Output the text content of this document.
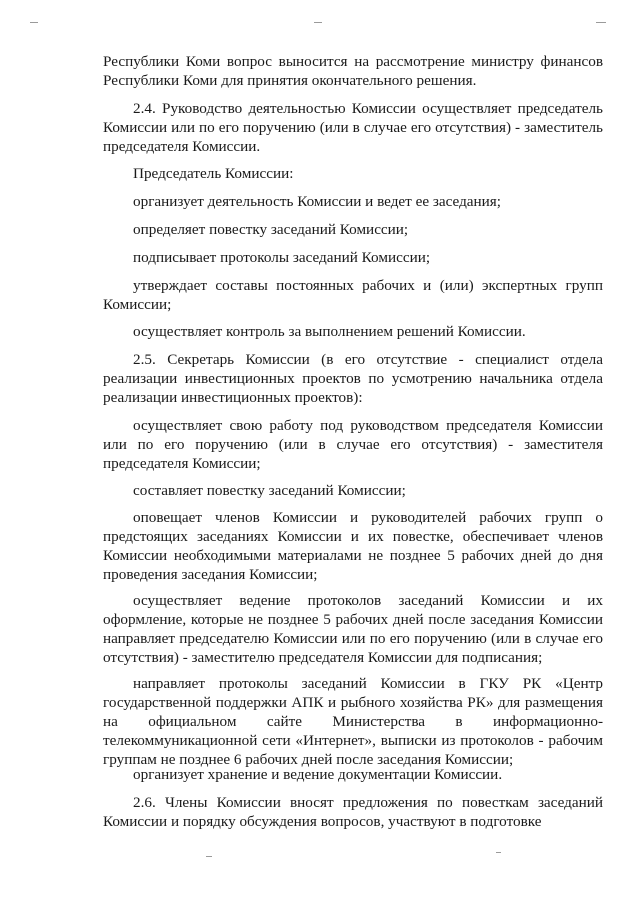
Республики Коми вопрос выносится на рассмотрение министру финансов Республики Коми для принятия окончательного решения.

2.4. Руководство деятельностью Комиссии осуществляет председатель Комиссии или по его поручению (или в случае его отсутствия) - заместитель председателя Комиссии.

Председатель Комиссии:

организует деятельность Комиссии и ведет ее заседания;

определяет повестку заседаний Комиссии;

подписывает протоколы заседаний Комиссии;

утверждает составы постоянных рабочих и (или) экспертных групп Комиссии;

осуществляет контроль за выполнением решений Комиссии.

2.5. Секретарь Комиссии (в его отсутствие - специалист отдела реализации инвестиционных проектов по усмотрению начальника отдела реализации инвестиционных проектов):

осуществляет свою работу под руководством председателя Комиссии или по его поручению (или в случае его отсутствия) - заместителя председателя Комиссии;

составляет повестку заседаний Комиссии;

оповещает членов Комиссии и руководителей рабочих групп о предстоящих заседаниях Комиссии и их повестке, обеспечивает членов Комиссии необходимыми материалами не позднее 5 рабочих дней до дня проведения заседания Комиссии;

осуществляет ведение протоколов заседаний Комиссии и их оформление, которые не позднее 5 рабочих дней после заседания Комиссии направляет председателю Комиссии или по его поручению (или в случае его отсутствия) - заместителю председателя Комиссии для подписания;

направляет протоколы заседаний Комиссии в ГКУ РК «Центр государственной поддержки АПК и рыбного хозяйства РК» для размещения на официальном сайте Министерства в информационно-телекоммуникационной сети «Интернет», выписки из протоколов - рабочим группам не позднее 6 рабочих дней после заседания Комиссии;

организует хранение и ведение документации Комиссии.

2.6. Члены Комиссии вносят предложения по повесткам заседаний Комиссии и порядку обсуждения вопросов, участвуют в подготовке
